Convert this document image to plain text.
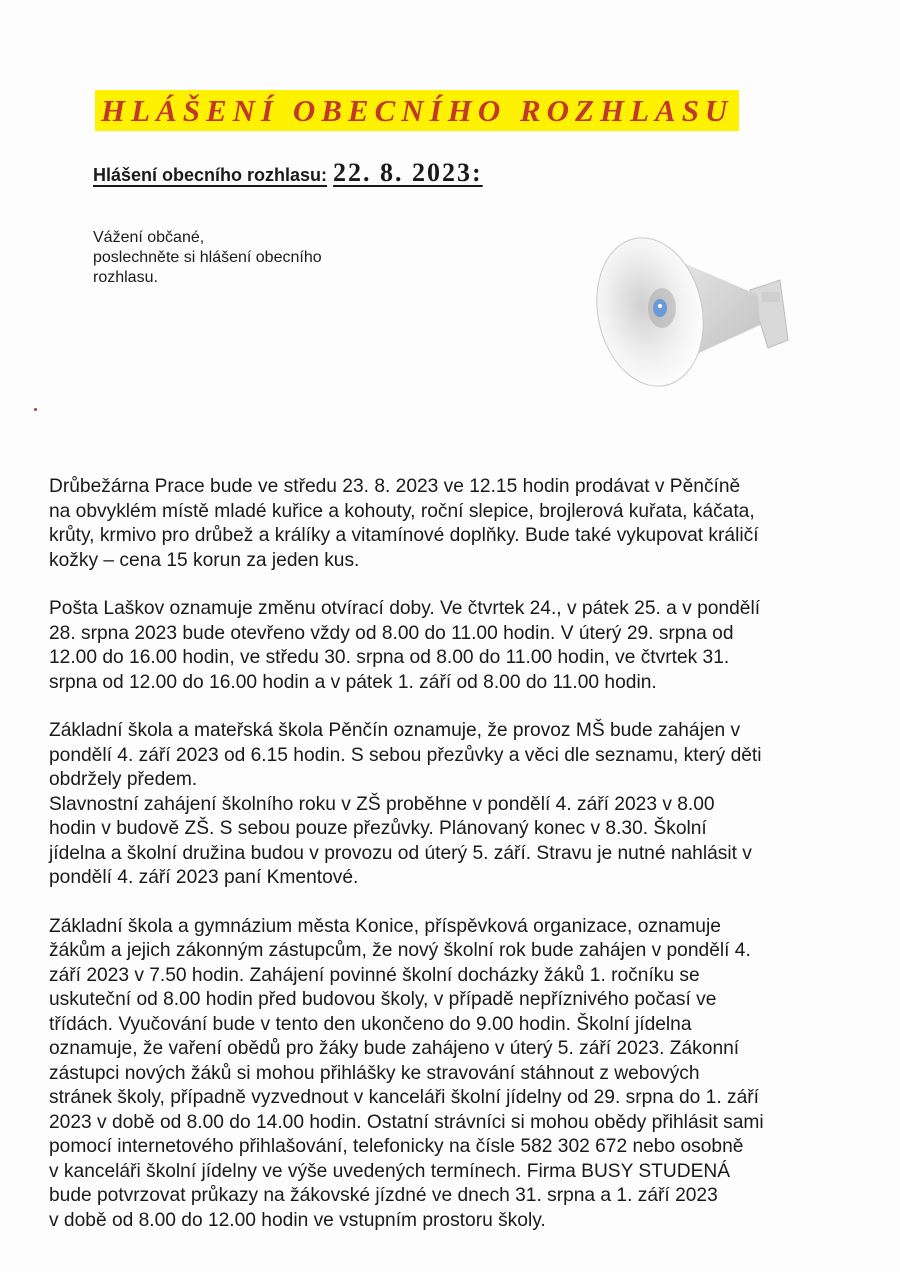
HLÁŠENÍ OBECNÍHO ROZHLASU
Hlášení obecního rozhlasu: 22. 8. 2023:
Vážení občané,
poslechněte si hlášení obecního
rozhlasu.
Drůbežárna Prace bude ve středu 23. 8. 2023 ve 12.15 hodin prodávat v Pěnčíně
na obvyklém místě mladé kuřice a kohouty, roční slepice, brojlerová kuřata, káčata,
krůty, krmivo pro drůbež a králíky a vitamínové doplňky. Bude také vykupovat králičí
kožky – cena 15 korun za jeden kus.
Pošta Laškov oznamuje změnu otvírací doby. Ve čtvrtek 24., v pátek 25. a v pondělí
28. srpna 2023 bude otevřeno vždy od 8.00 do 11.00 hodin. V úterý 29. srpna od
12.00 do 16.00 hodin, ve středu 30. srpna od 8.00 do 11.00 hodin, ve čtvrtek 31.
srpna od 12.00 do 16.00 hodin a v pátek 1. září od 8.00 do 11.00 hodin.
Základní škola a mateřská škola Pěnčín oznamuje, že provoz MŠ bude zahájen v
pondělí 4. září 2023 od 6.15 hodin. S sebou přezůvky a věci dle seznamu, který děti
obdržely předem.
Slavnostní zahájení školního roku v ZŠ proběhne v pondělí 4. září 2023 v 8.00
hodin v budově ZŠ. S sebou pouze přezůvky. Plánovaný konec v 8.30. Školní
jídelna a školní družina budou v provozu od úterý 5. září. Stravu je nutné nahlásit v
pondělí 4. září 2023 paní Kmentové.
Základní škola a gymnázium města Konice, příspěvková organizace, oznamuje
žákům a jejich zákonným zástupcům, že nový školní rok bude zahájen v pondělí 4.
září 2023 v 7.50 hodin. Zahájení povinné školní docházky žáků 1. ročníku se
uskuteční od 8.00 hodin před budovou školy, v případě nepříznivého počasí ve
třídách. Vyučování bude v tento den ukončeno do 9.00 hodin. Školní jídelna
oznamuje, že vaření obědů pro žáky bude zahájeno v úterý 5. září 2023. Zákonní
zástupci nových žáků si mohou přihlášky ke stravování stáhnout z webových
stránek školy, případně vyzvednout v kanceláři školní jídelny od 29. srpna do 1. září
2023 v době od 8.00 do 14.00 hodin. Ostatní strávníci si mohou obědy přihlásit sami
pomocí internetového přihlašování, telefonicky na čísle 582 302 672 nebo osobně
v kanceláři školní jídelny ve výše uvedených termínech. Firma BUSY STUDENÁ
bude potvrzovat průkazy na žákovské jízdné ve dnech 31. srpna a 1. září 2023
v době od 8.00 do 12.00 hodin ve vstupním prostoru školy.
